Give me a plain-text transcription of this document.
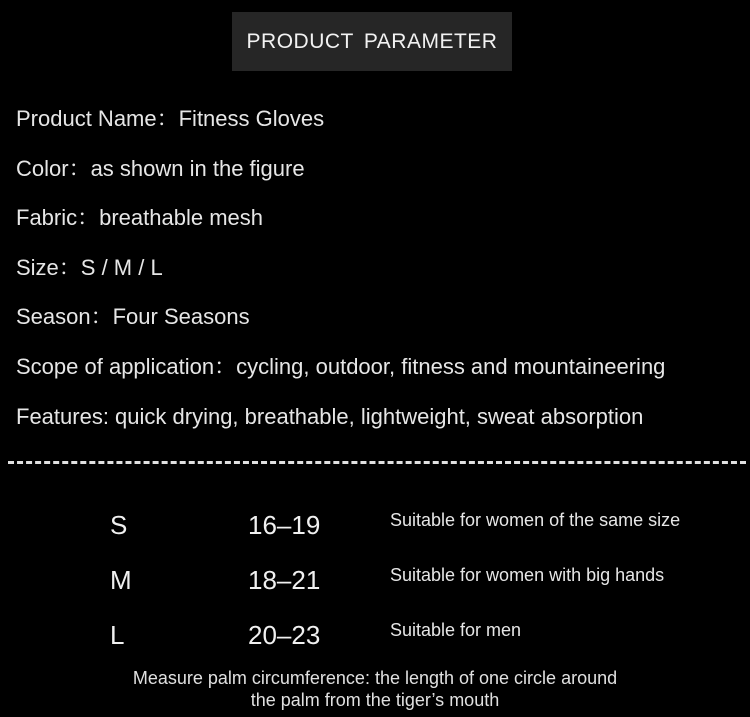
PRODUCT PARAMETER
Product Name：Fitness Gloves
Color：as shown in the figure
Fabric：breathable mesh
Size：S / M / L
Season：Four Seasons
Scope of application：cycling, outdoor, fitness and mountaineering
Features: quick drying, breathable, lightweight, sweat absorption
S	16–19	Suitable for women of the same size
M	18–21	Suitable for women with big hands
L	20–23	Suitable for men
Measure palm circumference: the length of one circle around
the palm from the tiger’s mouth
